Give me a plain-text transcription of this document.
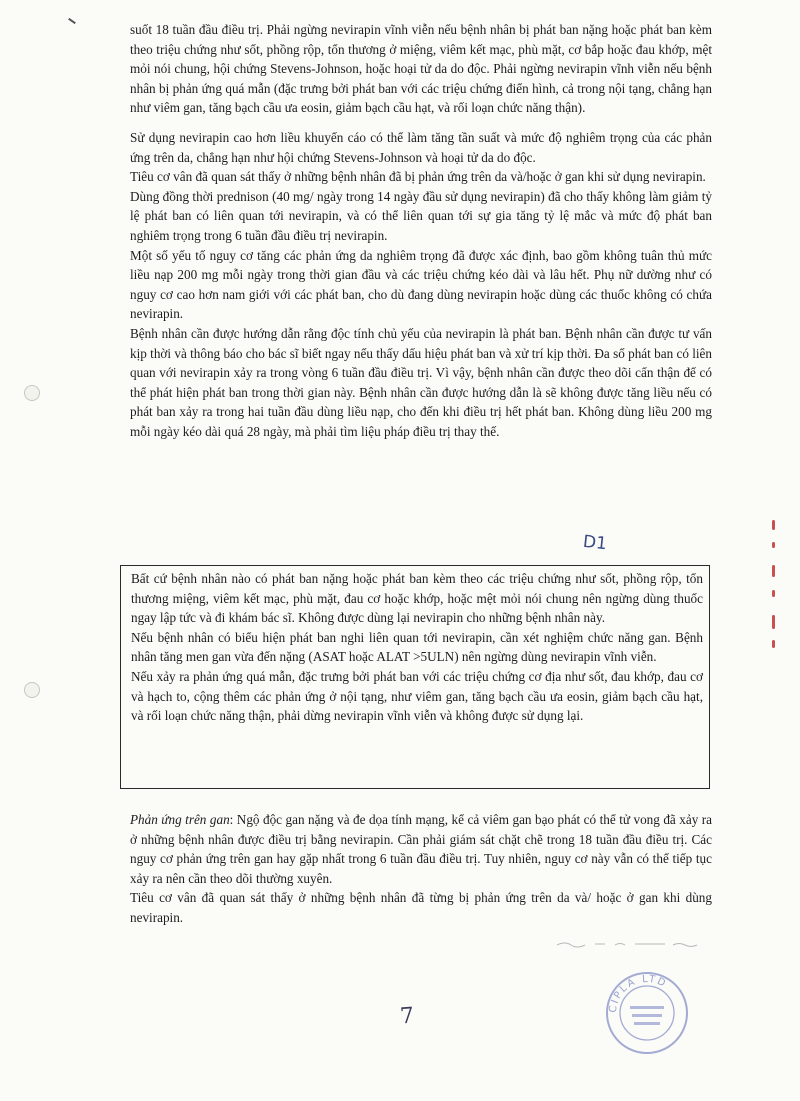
suốt 18 tuần đầu điều trị. Phải ngừng nevirapin vĩnh viễn nếu bệnh nhân bị phát ban nặng hoặc phát ban kèm theo triệu chứng như sốt, phồng rộp, tổn thương ở miệng, viêm kết mạc, phù mặt, cơ bắp hoặc đau khớp, mệt mỏi nói chung, hội chứng Stevens-Johnson, hoặc hoại tử da do độc. Phải ngừng nevirapin vĩnh viễn nếu bệnh nhân bị phản ứng quá mẫn (đặc trưng bởi phát ban với các triệu chứng điển hình, cả trong nội tạng, chẳng hạn như viêm gan, tăng bạch cầu ưa eosin, giảm bạch cầu hạt, và rối loạn chức năng thận).

Sử dụng nevirapin cao hơn liều khuyến cáo có thể làm tăng tần suất và mức độ nghiêm trọng của các phản ứng trên da, chẳng hạn như hội chứng Stevens-Johnson và hoại tử da do độc.

Tiêu cơ vân đã quan sát thấy ở những bệnh nhân đã bị phản ứng trên da và/hoặc ở gan khi sử dụng nevirapin.

Dùng đồng thời prednison (40 mg/ ngày trong 14 ngày đầu sử dụng nevirapin) đã cho thấy không làm giảm tỷ lệ phát ban có liên quan tới nevirapin, và có thể liên quan tới sự gia tăng tỷ lệ mắc và mức độ phát ban nghiêm trọng trong 6 tuần đầu điều trị nevirapin.

Một số yếu tố nguy cơ tăng các phản ứng da nghiêm trọng đã được xác định, bao gồm không tuân thủ mức liều nạp 200 mg mỗi ngày trong thời gian đầu và các triệu chứng kéo dài và lâu hết. Phụ nữ dường như có nguy cơ cao hơn nam giới với các phát ban, cho dù đang dùng nevirapin hoặc dùng các thuốc không có chứa nevirapin.

Bệnh nhân cần được hướng dẫn rằng độc tính chủ yếu của nevirapin là phát ban. Bệnh nhân cần được tư vấn kịp thời và thông báo cho bác sĩ biết ngay nếu thấy dấu hiệu phát ban và xử trí kịp thời. Đa số phát ban có liên quan với nevirapin xảy ra trong vòng 6 tuần đầu điều trị. Vì vậy, bệnh nhân cần được theo dõi cẩn thận để có thể phát hiện phát ban trong thời gian này. Bệnh nhân cần được hướng dẫn là sẽ không được tăng liều nếu có phát ban xảy ra trong hai tuần đầu dùng liều nạp, cho đến khi điều trị hết phát ban. Không dùng liều 200 mg mỗi ngày kéo dài quá 28 ngày, mà phải tìm liệu pháp điều trị thay thế.

D1

Bất cứ bệnh nhân nào có phát ban nặng hoặc phát ban kèm theo các triệu chứng như sốt, phồng rộp, tổn thương miệng, viêm kết mạc, phù mặt, đau cơ hoặc khớp, hoặc mệt mỏi nói chung nên ngừng dùng thuốc ngay lập tức và đi khám bác sĩ. Không được dùng lại nevirapin cho những bệnh nhân này.

Nếu bệnh nhân có biểu hiện phát ban nghi liên quan tới nevirapin, cần xét nghiệm chức năng gan. Bệnh nhân tăng men gan vừa đến nặng (ASAT hoặc ALAT >5ULN) nên ngừng dùng nevirapin vĩnh viễn.

Nếu xảy ra phản ứng quá mẫn, đặc trưng bởi phát ban với các triệu chứng cơ địa như sốt, đau khớp, đau cơ và hạch to, cộng thêm các phản ứng ở nội tạng, như viêm gan, tăng bạch cầu ưa eosin, giảm bạch cầu hạt, và rối loạn chức năng thận, phải dừng nevirapin vĩnh viễn và không được sử dụng lại.

Phản ứng trên gan: Ngộ độc gan nặng và đe dọa tính mạng, kể cả viêm gan bạo phát có thể tử vong đã xảy ra ở những bệnh nhân được điều trị bằng nevirapin. Cần phải giám sát chặt chẽ trong 18 tuần đầu điều trị. Các nguy cơ phản ứng trên gan hay gặp nhất trong 6 tuần đầu điều trị. Tuy nhiên, nguy cơ này vẫn có thể tiếp tục xảy ra nên cần theo dõi thường xuyên.

Tiêu cơ vân đã quan sát thấy ở những bệnh nhân đã từng bị phản ứng trên da và/ hoặc ở gan khi dùng nevirapin.

7	CIPLA LTD
